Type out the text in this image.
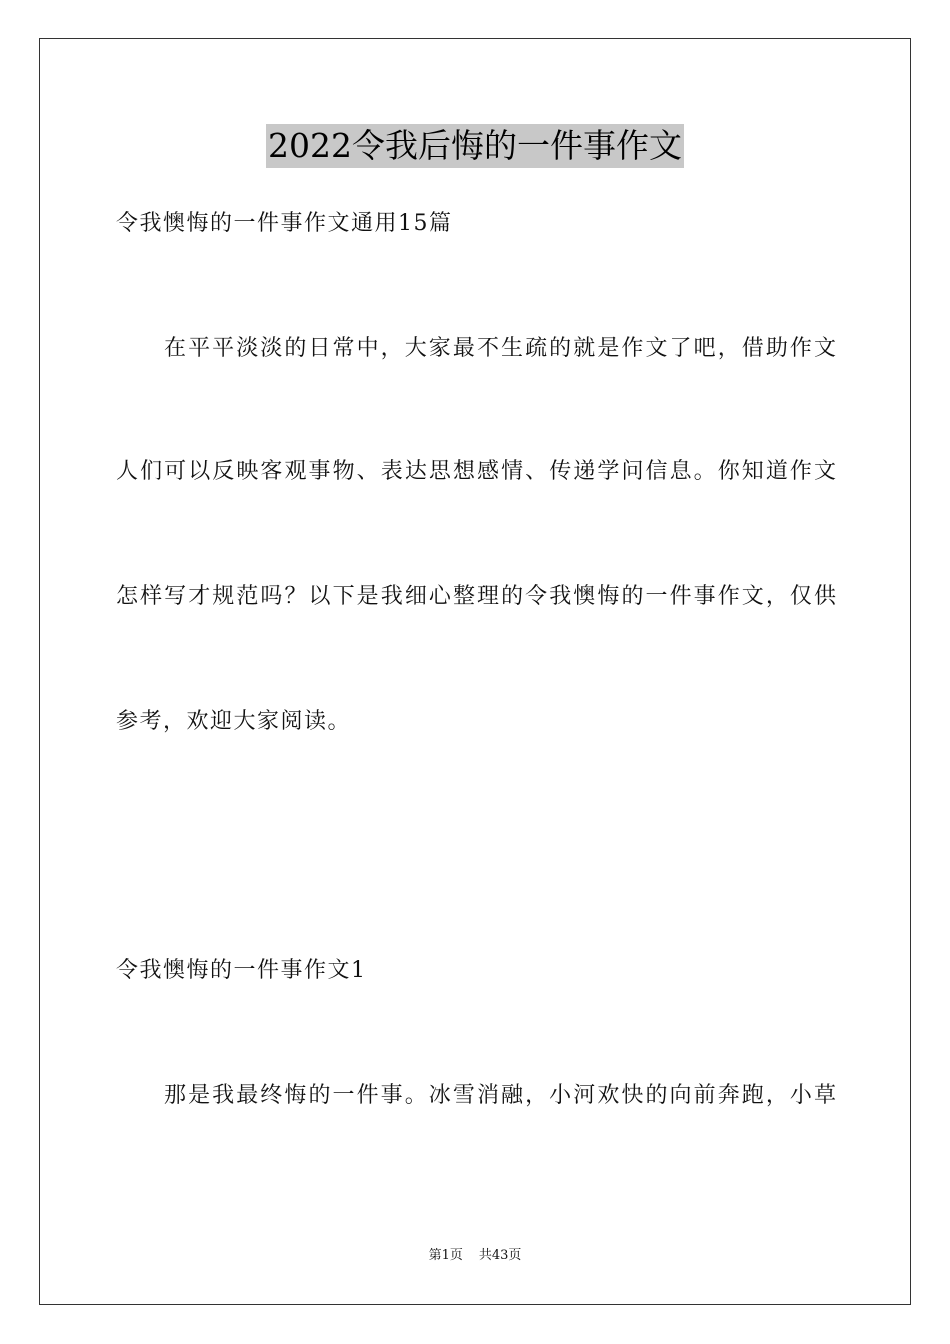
2022令我后悔的一件事作文
令我懊悔的一件事作文通用15篇
在平平淡淡的日常中，大家最不生疏的就是作文了吧，借助作文
人们可以反映客观事物、表达思想感情、传递学问信息。你知道作文
怎样写才规范吗？以下是我细心整理的令我懊悔的一件事作文，仅供
参考，欢迎大家阅读。
令我懊悔的一件事作文1
那是我最终悔的一件事。冰雪消融，小河欢快的向前奔跑，小草
第1页 共43页
